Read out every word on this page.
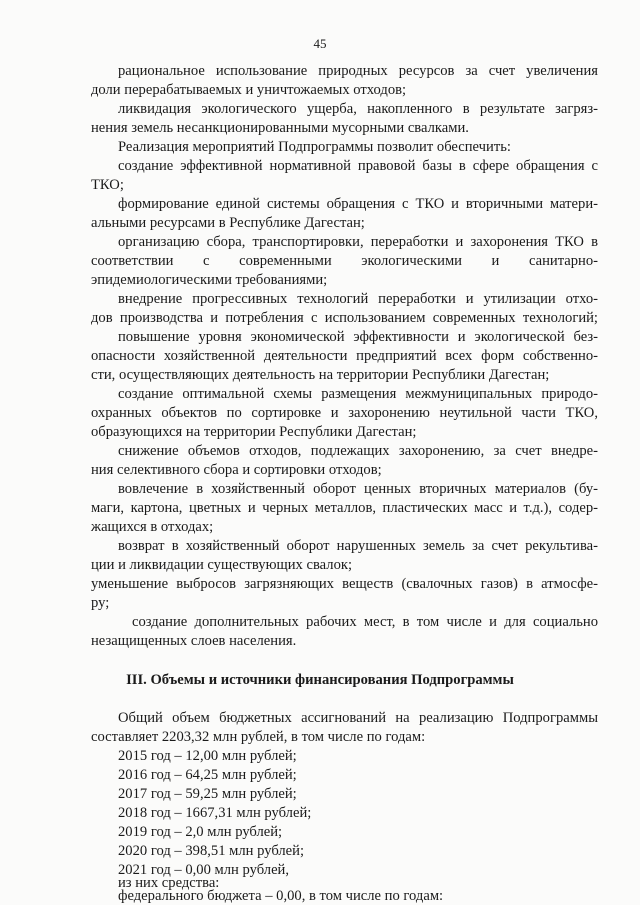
45
рациональное использование природных ресурсов за счет увеличения
доли перерабатываемых и уничтожаемых отходов;
ликвидация экологического ущерба, накопленного в результате загряз-
нения земель несанкционированными мусорными свалками.
Реализация мероприятий Подпрограммы позволит обеспечить:
создание эффективной нормативной правовой базы в сфере обращения с
ТКО;
формирование единой системы обращения с ТКО и вторичными матери-
альными ресурсами в Республике Дагестан;
организацию сбора, транспортировки, переработки и захоронения ТКО в
соответствии с современными экологическими и санитарно-
эпидемиологическими требованиями;
внедрение прогрессивных технологий переработки и утилизации отхо-
дов производства и потребления с использованием современных технологий;
повышение уровня экономической эффективности и экологической без-
опасности хозяйственной деятельности предприятий всех форм собственно-
сти, осуществляющих деятельность на территории Республики Дагестан;
создание оптимальной схемы размещения межмуниципальных природо-
охранных объектов по сортировке и захоронению неутильной части ТКО,
образующихся на территории Республики Дагестан;
снижение объемов отходов, подлежащих захоронению, за счет внедре-
ния селективного сбора и сортировки отходов;
вовлечение в хозяйственный оборот ценных вторичных материалов (бу-
маги, картона, цветных и черных металлов, пластических масс и т.д.), содер-
жащихся в отходах;
возврат в хозяйственный оборот нарушенных земель за счет рекультива-
ции и ликвидации существующих свалок;
уменьшение выбросов загрязняющих веществ (свалочных газов) в атмосфе-
ру;
создание дополнительных рабочих мест, в том числе и для социально
незащищенных слоев населения.
III. Объемы и источники финансирования Подпрограммы
Общий объем бюджетных ассигнований на реализацию Подпрограммы
составляет 2203,32 млн рублей, в том числе по годам:
2015 год – 12,00 млн рублей;
2016 год – 64,25 млн рублей;
2017 год – 59,25 млн рублей;
2018 год – 1667,31 млн рублей;
2019 год – 2,0 млн рублей;
2020 год – 398,51 млн рублей;
2021 год – 0,00 млн рублей,
из них средства:
федерального бюджета – 0,00, в том числе по годам:
